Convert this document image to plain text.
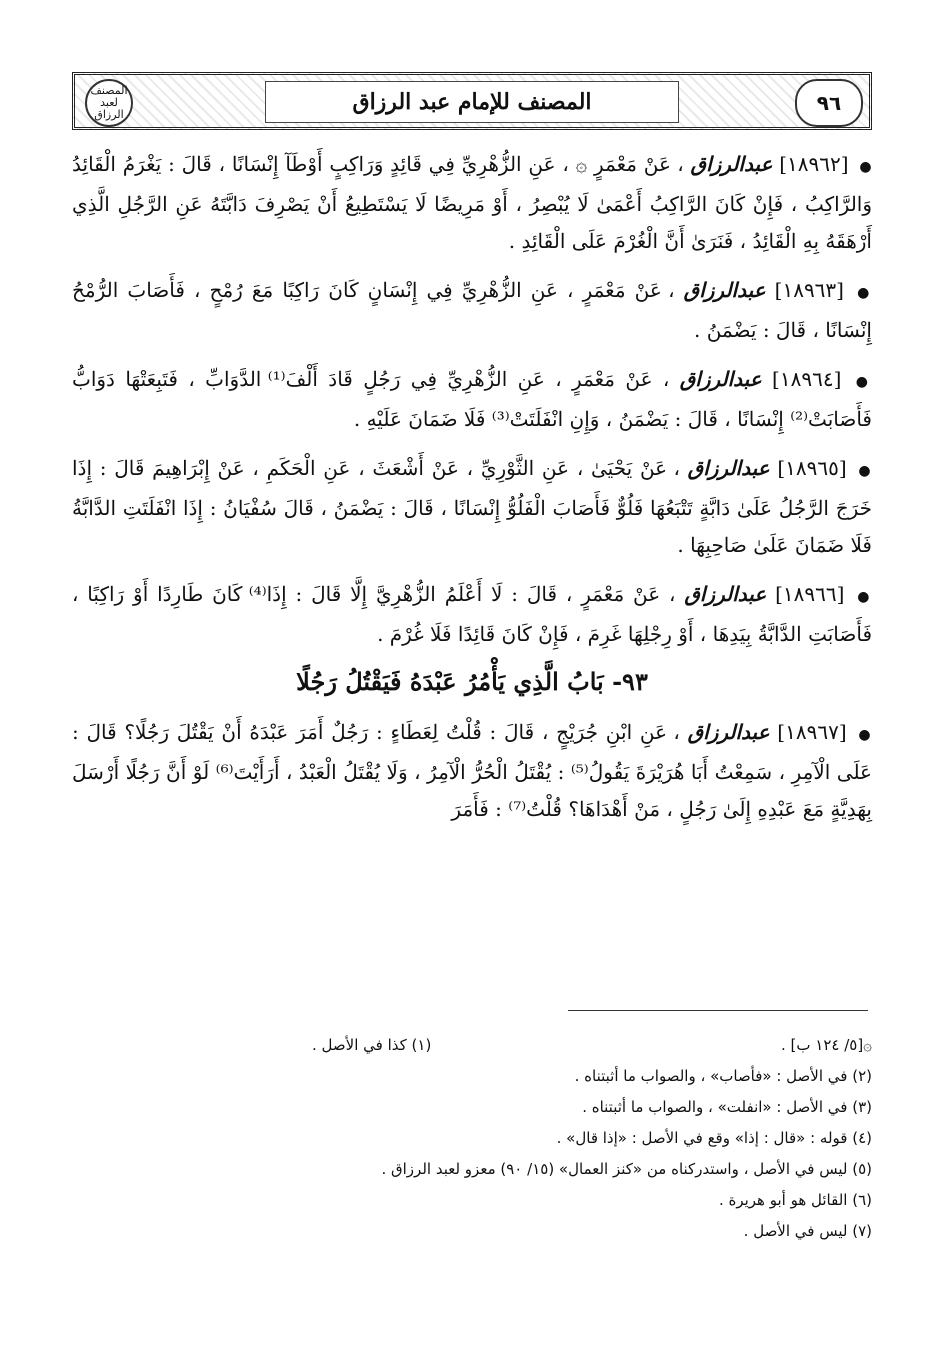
٩٦
المصنف للإمام عبد الرزاق
المصنف لعبد الرزاق

● [١٨٩٦٢] عبدالرزاق ، عَنْ مَعْمَرٍ ۞ ، عَنِ الزُّهْرِيِّ فِي قَائِدٍ وَرَاكِبٍ أَوْطَآ إِنْسَانًا ، قَالَ : يَغْرَمُ الْقَائِدُ وَالرَّاكِبُ ، فَإِنْ كَانَ الرَّاكِبُ أَعْمَىٰ لَا يُبْصِرُ ، أَوْ مَرِيضًا لَا يَسْتَطِيعُ أَنْ يَصْرِفَ دَابَّتَهُ عَنِ الرَّجُلِ الَّذِي أَرْهَقَهُ بِهِ الْقَائِدُ ، فَنَرَىٰ أَنَّ الْغُرْمَ عَلَى الْقَائِدِ .

● [١٨٩٦٣] عبدالرزاق ، عَنْ مَعْمَرٍ ، عَنِ الزُّهْرِيِّ فِي إِنْسَانٍ كَانَ رَاكِبًا مَعَ رُمْحٍ ، فَأَصَابَ الرُّمْحُ إِنْسَانًا ، قَالَ : يَضْمَنُ .

● [١٨٩٦٤] عبدالرزاق ، عَنْ مَعْمَرٍ ، عَنِ الزُّهْرِيِّ فِي رَجُلٍ قَادَ أَلْفَ⁽¹⁾ الدَّوَابِّ ، فَتَبِعَتْهَا دَوَابُّ فَأَصَابَتْ⁽²⁾ إِنْسَانًا ، قَالَ : يَضْمَنُ ، وَإِنِ انْفَلَتَتْ⁽³⁾ فَلَا ضَمَانَ عَلَيْهِ .

● [١٨٩٦٥] عبدالرزاق ، عَنْ يَحْيَىٰ ، عَنِ الثَّوْرِيِّ ، عَنْ أَشْعَثَ ، عَنِ الْحَكَمِ ، عَنْ إِبْرَاهِيمَ قَالَ : إِذَا خَرَجَ الرَّجُلُ عَلَىٰ دَابَّةٍ تَتْبَعُهَا فَلُوٌّ فَأَصَابَ الْفَلُوُّ إِنْسَانًا ، قَالَ : يَضْمَنُ ، قَالَ سُفْيَانُ : إِذَا انْفَلَتَتِ الدَّابَّةُ فَلَا ضَمَانَ عَلَىٰ صَاحِبِهَا .

● [١٨٩٦٦] عبدالرزاق ، عَنْ مَعْمَرٍ ، قَالَ : لَا أَعْلَمُ الزُّهْرِيَّ إِلَّا قَالَ : إِذَا⁽⁴⁾ كَانَ طَارِدًا أَوْ رَاكِبًا ، فَأَصَابَتِ الدَّابَّةُ بِيَدِهَا ، أَوْ رِجْلِهَا غَرِمَ ، فَإِنْ كَانَ قَائِدًا فَلَا غُرْمَ .

٩٣- بَابُ الَّذِي يَأْمُرُ عَبْدَهُ فَيَقْتُلُ رَجُلًا

● [١٨٩٦٧] عبدالرزاق ، عَنِ ابْنِ جُرَيْجٍ ، قَالَ : قُلْتُ لِعَطَاءٍ : رَجُلٌ أَمَرَ عَبْدَهُ أَنْ يَقْتُلَ رَجُلًا؟ قَالَ : عَلَى الْآمِرِ ، سَمِعْتُ أَبَا هُرَيْرَةَ يَقُولُ⁽⁵⁾ : يُقْتَلُ الْحُرُّ الْآمِرُ ، وَلَا يُقْتَلُ الْعَبْدُ ، أَرَأَيْتَ⁽⁶⁾ لَوْ أَنَّ رَجُلًا أَرْسَلَ بِهَدِيَّةٍ مَعَ عَبْدِهِ إِلَىٰ رَجُلٍ ، مَنْ أَهْدَاهَا؟ قُلْتُ⁽⁷⁾ : فَأَمَرَ

۞[٥/ ١٢٤ ب] .
(١) كذا في الأصل .
(٢) في الأصل : «فأصاب» ، والصواب ما أثبتناه .
(٣) في الأصل : «انفلت» ، والصواب ما أثبتناه .
(٤) قوله : «قال : إذا» وقع في الأصل : «إذا قال» .
(٥) ليس في الأصل ، واستدركناه من «كنز العمال» (١٥/ ٩٠) معزو لعبد الرزاق .
(٦) القائل هو أبو هريرة .
(٧) ليس في الأصل .
